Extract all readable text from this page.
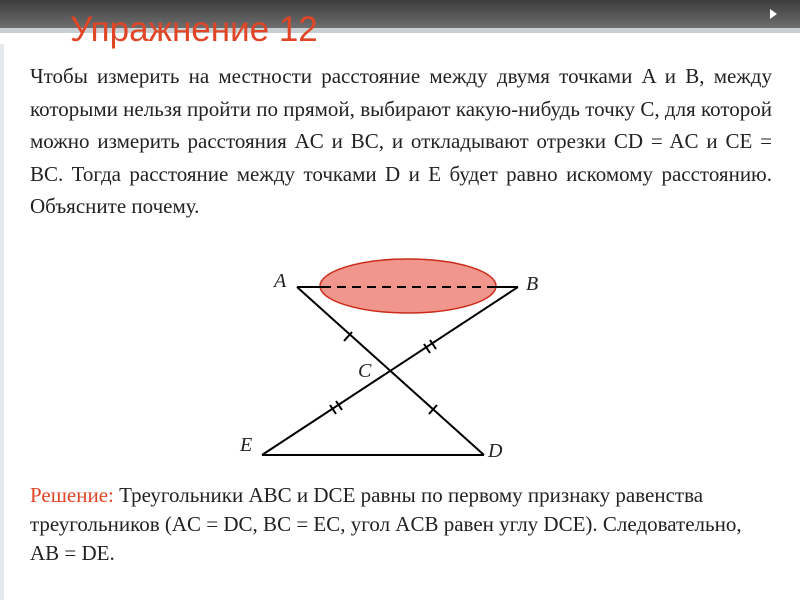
Упражнение 12

Чтобы измерить на местности расстояние между двумя точками A и B, между которыми нельзя пройти по прямой, выбирают какую-нибудь точку C, для которой можно измерить расстояния AC и BC, и откладывают отрезки CD = AC и CE = BC. Тогда расстояние между точками D и E будет равно искомому расстоянию. Объясните почему.

A	B
C
E	D

Решение: Треугольники ABC и DCE равны по первому признаку равенства треугольников (AC = DC, BC = EC, угол ACB равен углу DCE). Следовательно, AB = DE.
